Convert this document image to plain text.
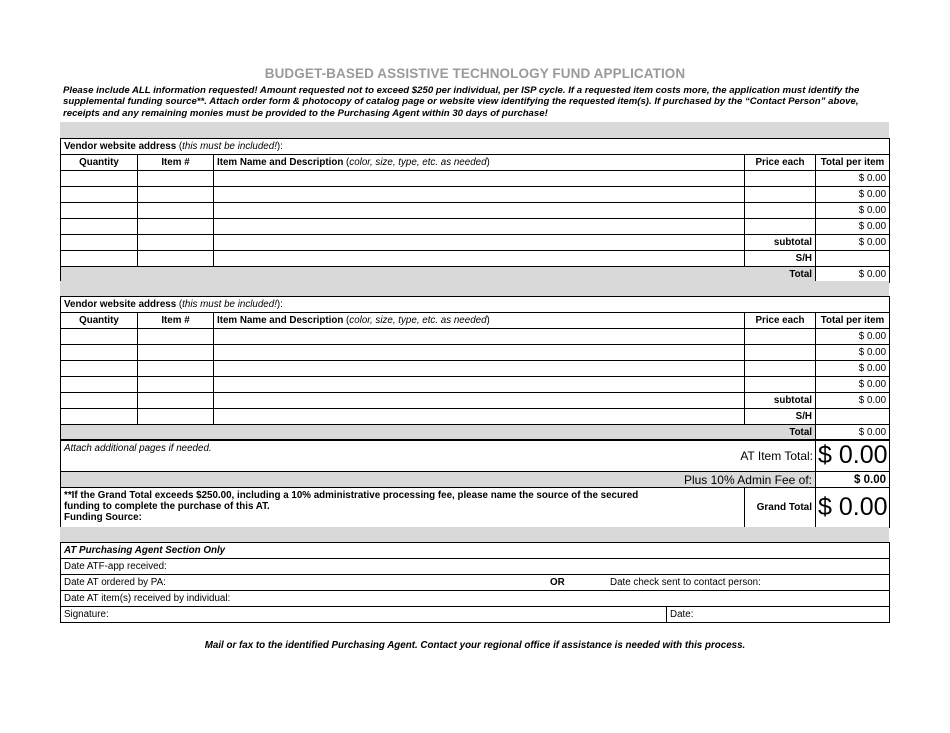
BUDGET-BASED ASSISTIVE TECHNOLOGY FUND APPLICATION
Please include ALL information requested! Amount requested not to exceed $250 per individual, per ISP cycle. If a requested item costs more, the application must identify the supplemental funding source**. Attach order form & photocopy of catalog page or website view identifying the requested item(s). If purchased by the “Contact Person” above, receipts and any remaining monies must be provided to the Purchasing Agent within 30 days of purchase!
Vendor website address (this must be included!):				
Quantity	Item #	Item Name and Description (color, size, type, etc. as needed)	Price each	Total per item
				$ 0.00
				$ 0.00
				$ 0.00
				$ 0.00
			subtotal	$ 0.00
			S/H	
Total				$ 0.00
Vendor website address (this must be included!):				
Quantity	Item #	Item Name and Description (color, size, type, etc. as needed)	Price each	Total per item
				$ 0.00
				$ 0.00
				$ 0.00
				$ 0.00
			subtotal	$ 0.00
			S/H	
Total				$ 0.00
Attach additional pages if needed.
AT Item Total:		$ 0.00
Plus 10% Admin Fee of:		$ 0.00

**If the Grand Total exceeds $250.00, including a 10% administrative processing fee, please name the source of the secured funding to complete the purchase of this AT.
Funding Source:	Grand Total	$ 0.00
AT Purchasing Agent Section Only
Date ATF-app received:
Date AT ordered by PA:	OR	Date check sent to contact person:
Date AT item(s) received by individual:
Signature:	Date:
Mail or fax to the identified Purchasing Agent. Contact your regional office if assistance is needed with this process.
